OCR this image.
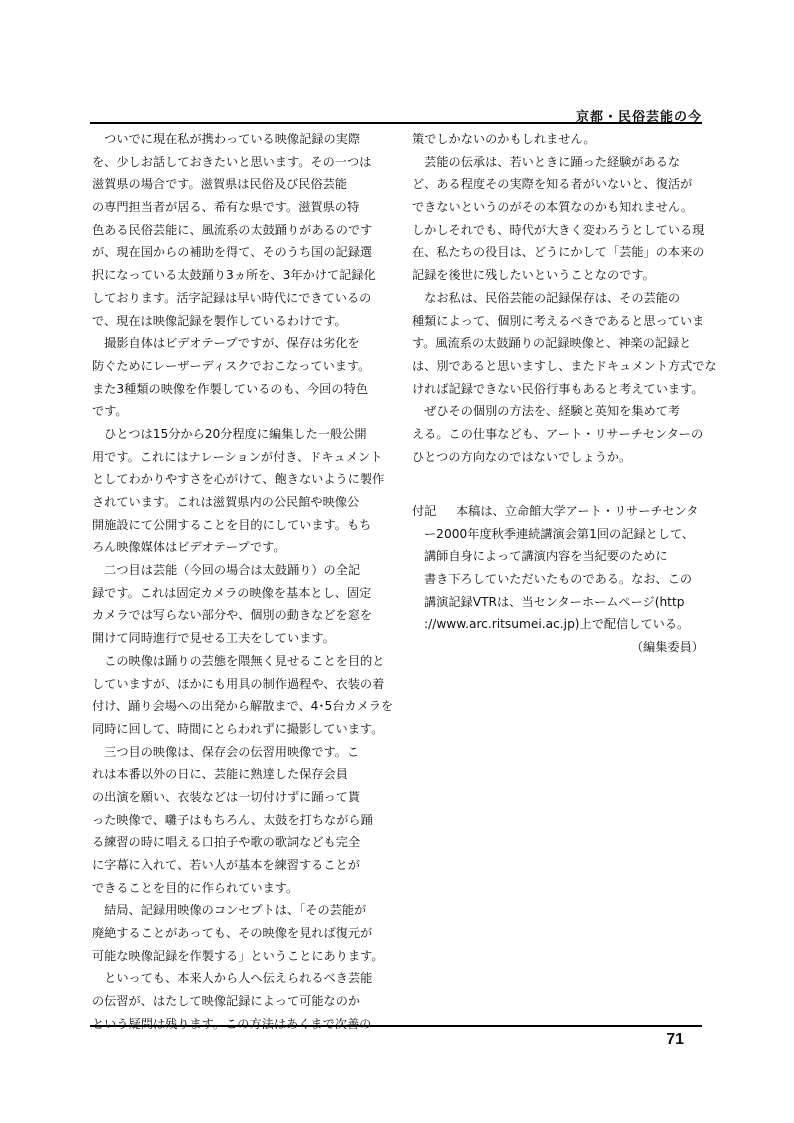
京都・民俗芸能の今
　ついでに現在私が携わっている映像記録の実際
を、少しお話しておきたいと思います。その一つは
滋賀県の場合です。滋賀県は民俗及び民俗芸能
の専門担当者が居る、希有な県です。滋賀県の特
色ある民俗芸能に、風流系の太鼓踊りがあるのです
が、現在国からの補助を得て、そのうち国の記録選
択になっている太鼓踊り3ヵ所を、3年かけて記録化
しております。活字記録は早い時代にできているの
で、現在は映像記録を製作しているわけです。
　撮影自体はビデオテープですが、保存は劣化を
防ぐためにレーザーディスクでおこなっています。
また3種類の映像を作製しているのも、今回の特色
です。
　ひとつは15分から20分程度に編集した一般公開
用です。これにはナレーションが付き、ドキュメント
としてわかりやすさを心がけて、飽きないように製作
されています。これは滋賀県内の公民館や映像公
開施設にて公開することを目的にしています。もち
ろん映像媒体はビデオテープです。
　二つ目は芸能（今回の場合は太鼓踊り）の全記
録です。これは固定カメラの映像を基本とし、固定
カメラでは写らない部分や、個別の動きなどを窓を
開けて同時進行で見せる工夫をしています。
　この映像は踊りの芸態を隈無く見せることを目的と
していますが、ほかにも用具の制作過程や、衣装の着
付け、踊り会場への出発から解散まで、4･5台カメラを
同時に回して、時間にとらわれずに撮影しています。
　三つ目の映像は、保存会の伝習用映像です。こ
れは本番以外の日に、芸能に熟達した保存会員
の出演を願い、衣装などは一切付けずに踊って貰
った映像で、囃子はもちろん、太鼓を打ちながら踊
る練習の時に唱える口拍子や歌の歌詞なども完全
に字幕に入れて、若い人が基本を練習することが
できることを目的に作られています。
　結局、記録用映像のコンセプトは、「その芸能が
廃絶することがあっても、その映像を見れば復元が
可能な映像記録を作製する」ということにあります。
　といっても、本来人から人へ伝えられるべき芸能
の伝習が、はたして映像記録によって可能なのか
という疑問は残ります。この方法はあくまで次善の
策でしかないのかもしれません。
　芸能の伝承は、若いときに踊った経験があるな
ど、ある程度その実際を知る者がいないと、復活が
できないというのがその本質なのかも知れません。
しかしそれでも、時代が大きく変わろうとしている現
在、私たちの役目は、どうにかして「芸能」の本来の
記録を後世に残したいということなのです。
　なお私は、民俗芸能の記録保存は、その芸能の
種類によって、個別に考えるべきであると思っていま
す。風流系の太鼓踊りの記録映像と、神楽の記録と
は、別であると思いますし、またドキュメント方式でな
ければ記録できない民俗行事もあると考えています。
　ぜひその個別の方法を、経験と英知を集めて考
える。この仕事なども、アート・リサーチセンターの
ひとつの方向なのではないでしょうか。
付記 本稿は、立命館大学アート・リサーチセンタ
ー2000年度秋季連続講演会第1回の記録として、
講師自身によって講演内容を当紀要のために
書き下ろしていただいたものである。なお、この
講演記録VTRは、当センターホームページ(http
://www.arc.ritsumei.ac.jp)上で配信している。
（編集委員）
71
